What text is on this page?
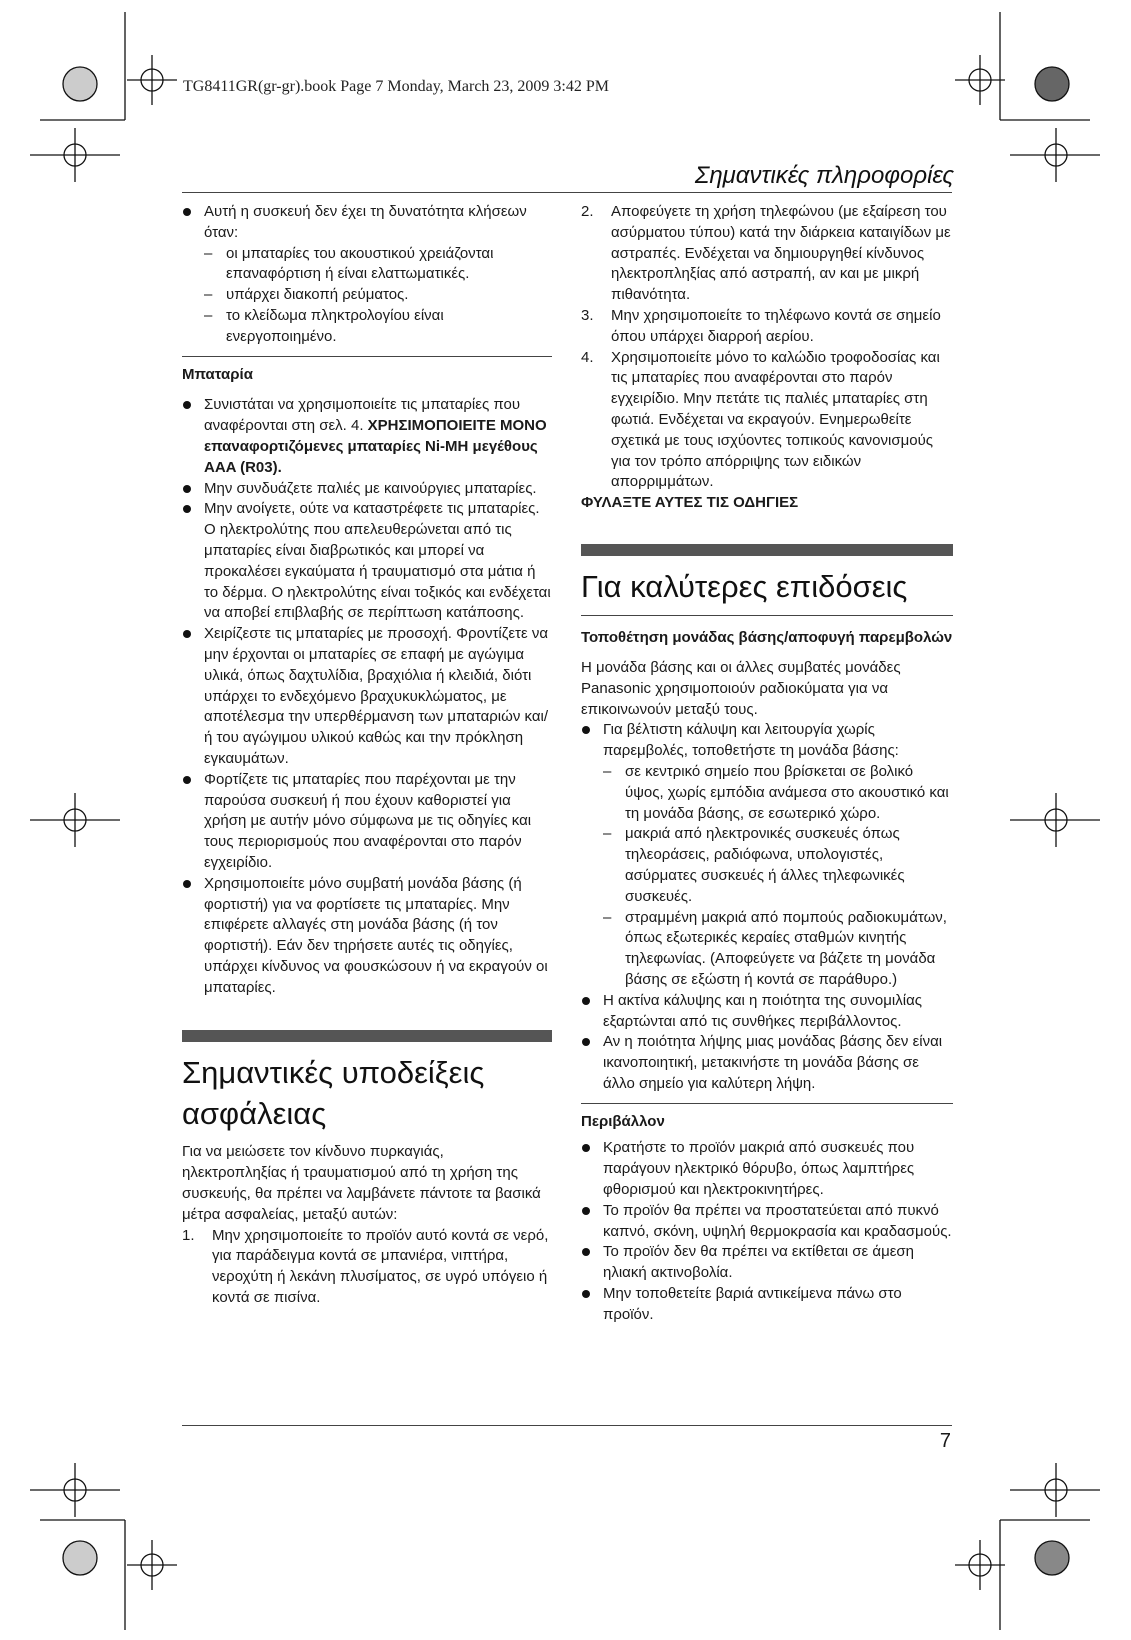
TG8411GR(gr-gr).book Page 7 Monday, March 23, 2009 3:42 PM
Σημαντικές πληροφορίες
Αυτή η συσκευή δεν έχει τη δυνατότητα κλήσεων όταν:
– οι μπαταρίες του ακουστικού χρειάζονται επαναφόρτιση ή είναι ελαττωματικές.
– υπάρχει διακοπή ρεύματος.
– το κλείδωμα πληκτρολογίου είναι ενεργοποιημένο.
Μπαταρία
Συνιστάται να χρησιμοποιείτε τις μπαταρίες που αναφέρονται στη σελ. 4. ΧΡΗΣΙΜΟΠΟΙΕΙΤΕ ΜΟΝΟ επαναφορτιζόμενες μπαταρίες Ni-MH μεγέθους AAA (R03).
Μην συνδυάζετε παλιές με καινούργιες μπαταρίες.
Μην ανοίγετε, ούτε να καταστρέφετε τις μπαταρίες. Ο ηλεκτρολύτης που απελευθερώνεται από τις μπαταρίες είναι διαβρωτικός και μπορεί να προκαλέσει εγκαύματα ή τραυματισμό στα μάτια ή το δέρμα. Ο ηλεκτρολύτης είναι τοξικός και ενδέχεται να αποβεί επιβλαβής σε περίπτωση κατάποσης.
Χειρίζεστε τις μπαταρίες με προσοχή. Φροντίζετε να μην έρχονται οι μπαταρίες σε επαφή με αγώγιμα υλικά, όπως δαχτυλίδια, βραχιόλια ή κλειδιά, διότι υπάρχει το ενδεχόμενο βραχυκυκλώματος, με αποτέλεσμα την υπερθέρμανση των μπαταριών και/ή του αγώγιμου υλικού καθώς και την πρόκληση εγκαυμάτων.
Φορτίζετε τις μπαταρίες που παρέχονται με την παρούσα συσκευή ή που έχουν καθοριστεί για χρήση με αυτήν μόνο σύμφωνα με τις οδηγίες και τους περιορισμούς που αναφέρονται στο παρόν εγχειρίδιο.
Χρησιμοποιείτε μόνο συμβατή μονάδα βάσης (ή φορτιστή) για να φορτίσετε τις μπαταρίες. Μην επιφέρετε αλλαγές στη μονάδα βάσης (ή τον φορτιστή). Εάν δεν τηρήσετε αυτές τις οδηγίες, υπάρχει κίνδυνος να φουσκώσουν ή να εκραγούν οι μπαταρίες.
Σημαντικές υποδείξεις
ασφάλειας
Για να μειώσετε τον κίνδυνο πυρκαγιάς, ηλεκτροπληξίας ή τραυματισμού από τη χρήση της συσκευής, θα πρέπει να λαμβάνετε πάντοτε τα βασικά μέτρα ασφαλείας, μεταξύ αυτών:
1. Μην χρησιμοποιείτε το προϊόν αυτό κοντά σε νερό, για παράδειγμα κοντά σε μπανιέρα, νιπτήρα, νεροχύτη ή λεκάνη πλυσίματος, σε υγρό υπόγειο ή κοντά σε πισίνα.
2. Αποφεύγετε τη χρήση τηλεφώνου (με εξαίρεση του ασύρματου τύπου) κατά την διάρκεια καταιγίδων με αστραπές. Ενδέχεται να δημιουργηθεί κίνδυνος ηλεκτροπληξίας από αστραπή, αν και με μικρή πιθανότητα.
3. Μην χρησιμοποιείτε το τηλέφωνο κοντά σε σημείο όπου υπάρχει διαρροή αερίου.
4. Χρησιμοποιείτε μόνο το καλώδιο τροφοδοσίας και τις μπαταρίες που αναφέρονται στο παρόν εγχειρίδιο. Μην πετάτε τις παλιές μπαταρίες στη φωτιά. Ενδέχεται να εκραγούν. Ενημερωθείτε σχετικά με τους ισχύοντες τοπικούς κανονισμούς για τον τρόπο απόρριψης των ειδικών απορριμμάτων.
ΦΥΛΑΞΤΕ ΑΥΤΕΣ ΤΙΣ ΟΔΗΓΙΕΣ
Για καλύτερες επιδόσεις
Τοποθέτηση μονάδας βάσης/αποφυγή παρεμβολών
Η μονάδα βάσης και οι άλλες συμβατές μονάδες Panasonic χρησιμοποιούν ραδιοκύματα για να επικοινωνούν μεταξύ τους.
Για βέλτιστη κάλυψη και λειτουργία χωρίς παρεμβολές, τοποθετήστε τη μονάδα βάσης:
– σε κεντρικό σημείο που βρίσκεται σε βολικό ύψος, χωρίς εμπόδια ανάμεσα στο ακουστικό και τη μονάδα βάσης, σε εσωτερικό χώρο.
– μακριά από ηλεκτρονικές συσκευές όπως τηλεοράσεις, ραδιόφωνα, υπολογιστές, ασύρματες συσκευές ή άλλες τηλεφωνικές συσκευές.
– στραμμένη μακριά από πομπούς ραδιοκυμάτων, όπως εξωτερικές κεραίες σταθμών κινητής τηλεφωνίας. (Αποφεύγετε να βάζετε τη μονάδα βάσης σε εξώστη ή κοντά σε παράθυρο.)
Η ακτίνα κάλυψης και η ποιότητα της συνομιλίας εξαρτώνται από τις συνθήκες περιβάλλοντος.
Αν η ποιότητα λήψης μιας μονάδας βάσης δεν είναι ικανοποιητική, μετακινήστε τη μονάδα βάσης σε άλλο σημείο για καλύτερη λήψη.
Περιβάλλον
Κρατήστε το προϊόν μακριά από συσκευές που παράγουν ηλεκτρικό θόρυβο, όπως λαμπτήρες φθορισμού και ηλεκτροκινητήρες.
Το προϊόν θα πρέπει να προστατεύεται από πυκνό καπνό, σκόνη, υψηλή θερμοκρασία και κραδασμούς.
Το προϊόν δεν θα πρέπει να εκτίθεται σε άμεση ηλιακή ακτινοβολία.
Μην τοποθετείτε βαριά αντικείμενα πάνω στο προϊόν.
7
